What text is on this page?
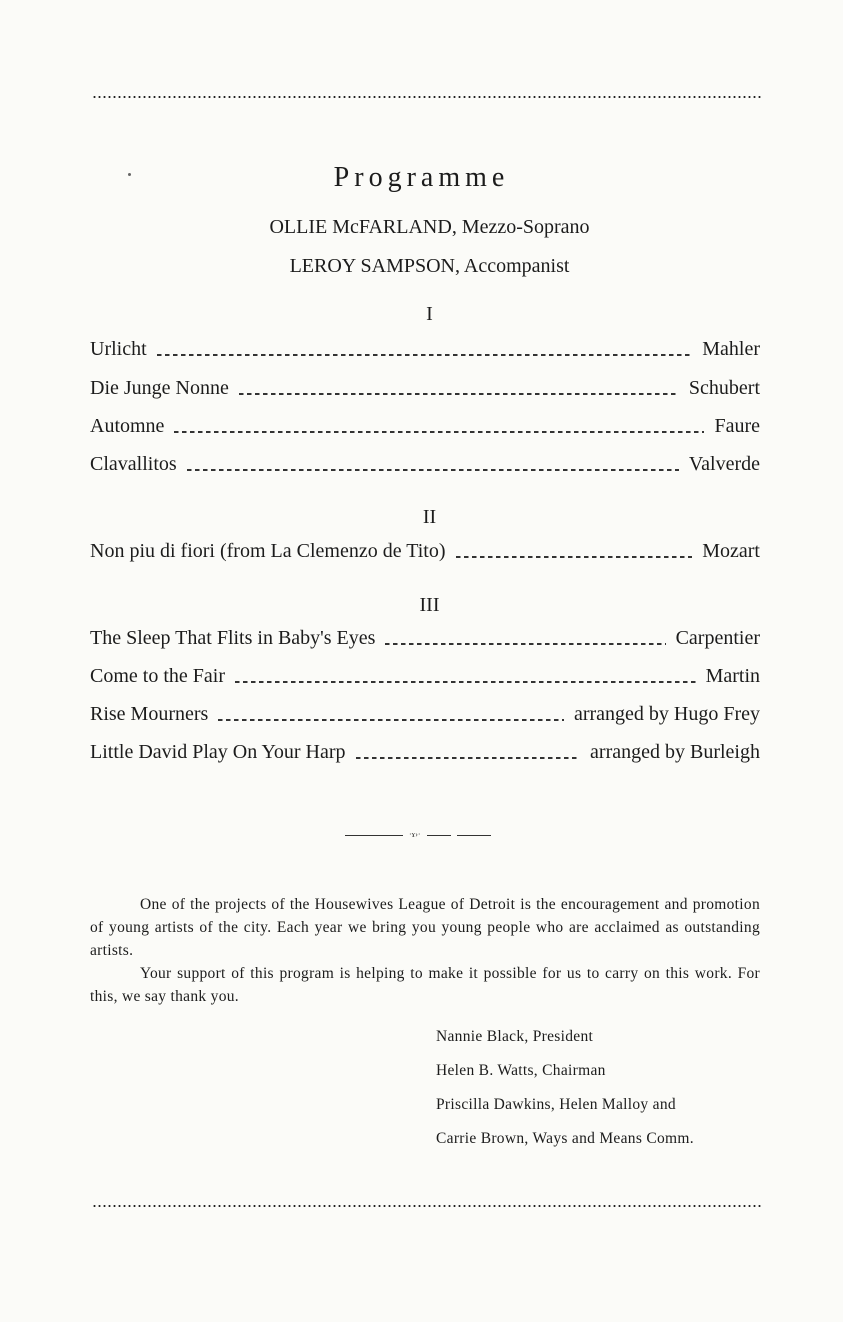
Programme
OLLIE McFARLAND, Mezzo-Soprano
LEROY SAMPSON, Accompanist
I
Urlicht	Mahler
Die Junge Nonne	Schubert
Automne	Faure
Clavallitos	Valverde
II
Non piu di fiori (from La Clemenzo de Tito)	Mozart
III
The Sleep That Flits in Baby's Eyes	Carpentier
Come to the Fair	Martin
Rise Mourners	arranged by Hugo Frey
Little David Play On Your Harp	arranged by Burleigh
·ɤ›·
One of the projects of the Housewives League of Detroit is the encouragement and promotion of young artists of the city. Each year we bring you young people who are acclaimed as outstanding artists.
Your support of this program is helping to make it possible for us to carry on this work. For this, we say thank you.
Nannie Black, President
Helen B. Watts, Chairman
Priscilla Dawkins, Helen Malloy and
Carrie Brown, Ways and Means Comm.
